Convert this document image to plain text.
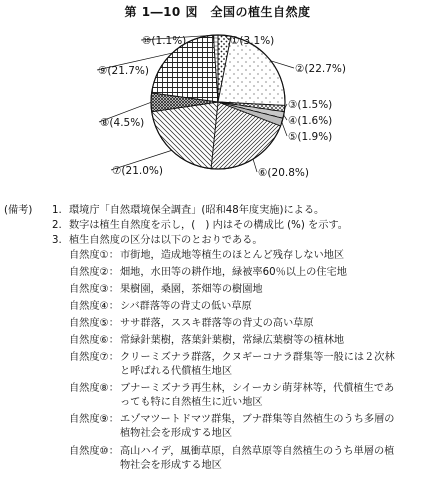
第 1―10 図　全国の植生自然度
①(3.1%)
②(22.7%)
③(1.5%)
④(1.6%)
⑤(1.9%)
⑥(20.8%)
⑦(21.0%)
⑧(4.5%)
⑨(21.7%)
⑩(1.1%)
(備考) 1. 環境庁「自然環境保全調査」(昭和48年度実施)による。
2. 数字は植生自然度を示し，(　) 内はその構成比 (%) を示す。
3. 植生自然度の区分は以下のとおりである。
自然度①： 市街地，造成地等植生のほとんど残存しない地区
自然度②： 畑地，水田等の耕作地，緑被率60％以上の住宅地
自然度③： 果樹園，桑園，茶畑等の樹園地
自然度④： シバ群落等の背丈の低い草原
自然度⑤： ササ群落，ススキ群落等の背丈の高い草原
自然度⑥： 常緑針葉樹，落葉針葉樹，常緑広葉樹等の植林地
自然度⑦： クリーミズナラ群落，クヌギーコナラ群集等一般には２次林
と呼ばれる代償植生地区
自然度⑧： ブナーミズナラ再生林，シイーカシ萌芽林等，代償植生であ
っても特に自然植生に近い地区
自然度⑨： エゾマツートドマツ群集，ブナ群集等自然植生のうち多層の
植物社会を形成する地区
自然度⑩： 高山ハイデ，風衝草原，自然草原等自然植生のうち単層の植
物社会を形成する地区
